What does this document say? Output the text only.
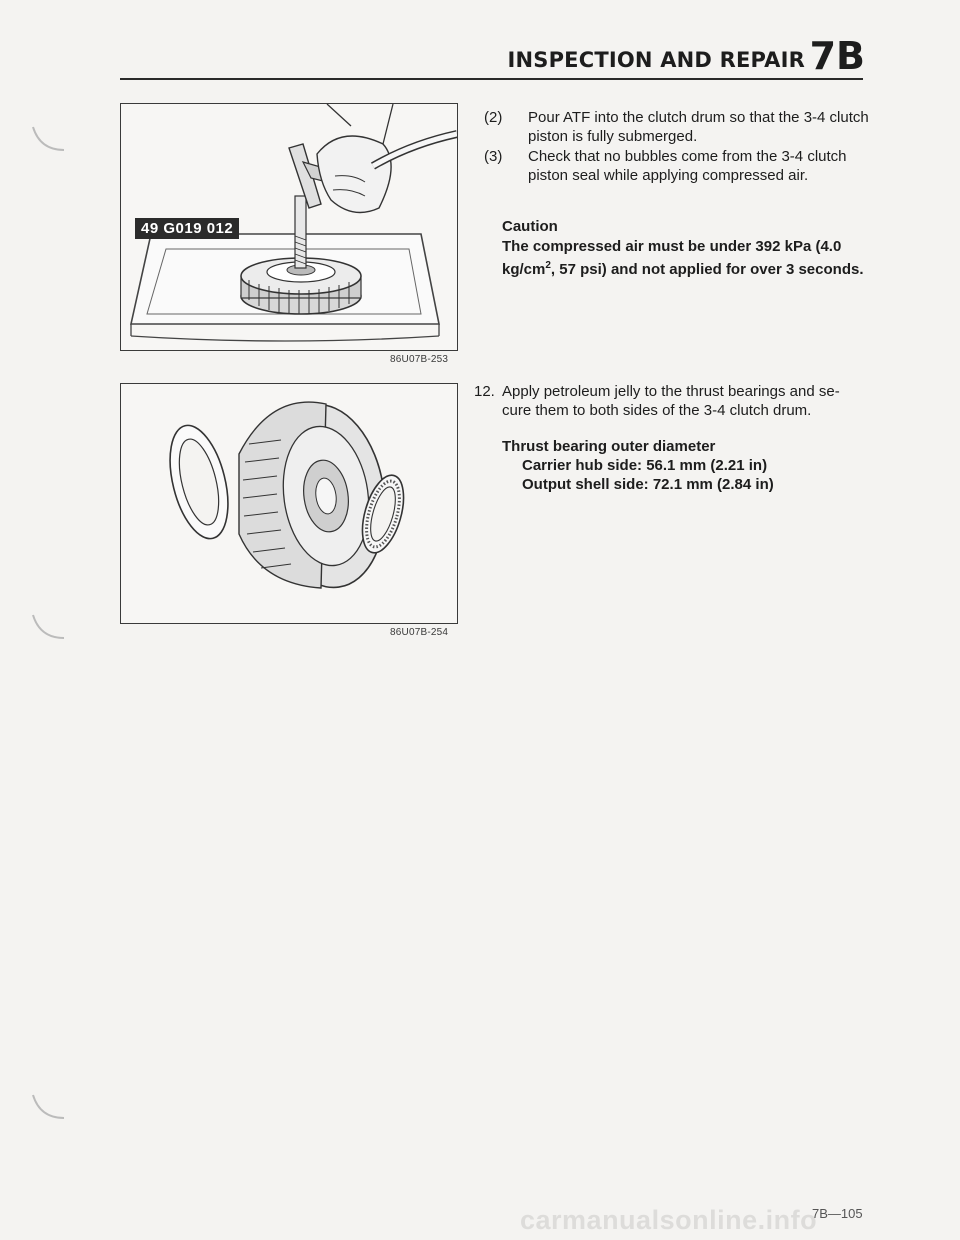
INSPECTION AND REPAIR 7B
49 G019 012
86U07B-253
86U07B-254
(2) Pour ATF into the clutch drum so that the 3-4 clutch piston is fully submerged.
(3) Check that no bubbles come from the 3-4 clutch piston seal while applying compressed air.
Caution
The compressed air must be under 392 kPa (4.0 $kg/cm^2$, 57 psi) and not applied for over 3 seconds.
12. Apply petroleum jelly to the thrust bearings and se- cure them to both sides of the 3-4 clutch drum.
Thrust bearing outer diameter
Carrier hub side: 56.1 mm (2.21 in)
Output shell side: 72.1 mm (2.84 in)
carmanualsonline.info
7B—105
